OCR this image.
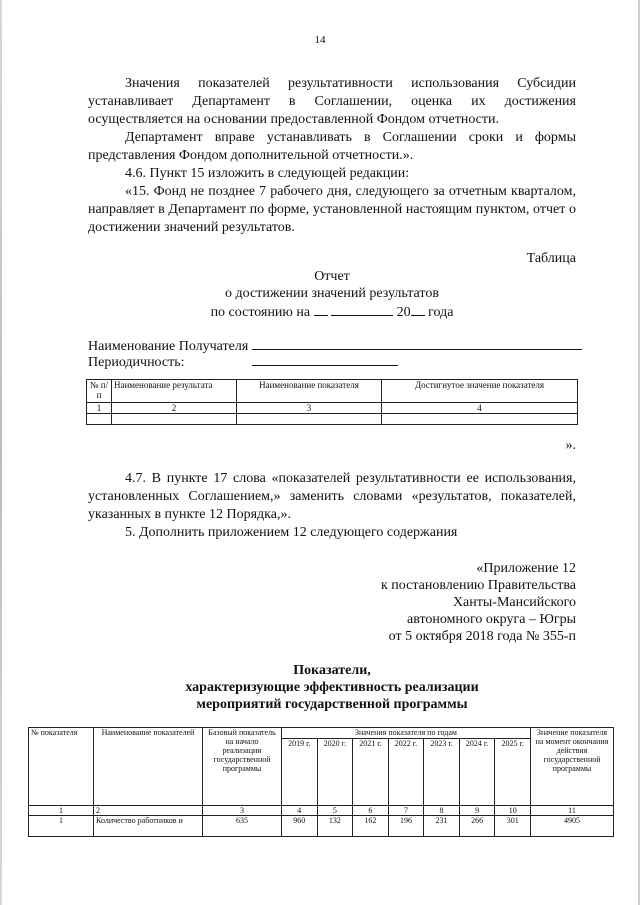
14

Значения показателей результативности использования Субсидии устанавливает Департамент в Соглашении, оценка их достижения осуществляется на основании предоставленной Фондом отчетности.

Департамент вправе устанавливать в Соглашении сроки и формы представления Фондом дополнительной отчетности.».

4.6. Пункт 15 изложить в следующей редакции:

«15. Фонд не позднее 7 рабочего дня, следующего за отчетным кварталом, направляет в Департамент по форме, установленной настоящим пунктом, отчет о достижении значений результатов.

Таблица
Отчет
о достижении значений результатов
по состоянию на	20 года
Наименование Получателя
Периодичность:
№ п/п	Наименование результата	Наименование показателя	Достигнутое значение показателя
1	2	3	4

».

4.7. В пункте 17 слова «показателей результативности ее использования, установленных Соглашением,» заменить словами «результатов, показателей, указанных в пункте 12 Порядка,».

5. Дополнить приложением 12 следующего содержания

«Приложение 12
к постановлению Правительства
Ханты-Мансийского
автономного округа – Югры
от 5 октября 2018 года № 355-п
Показатели,
характеризующие эффективность реализации
мероприятий государственной программы
№ показателя	Наименование показателей	Базовый показатель на начало реализации государственной программы	Значения показателя по годам							Значение показателя на момент окончания действия государственной программы
			2019 г.	2020 г.	2021 г.	2022 г.	2023 г.	2024 г.	2025 г.	
1	2	3	4	5	6	7	8	9	10	11
1	Количество работников и	635	960	132	162	196	231	266	301	4905
